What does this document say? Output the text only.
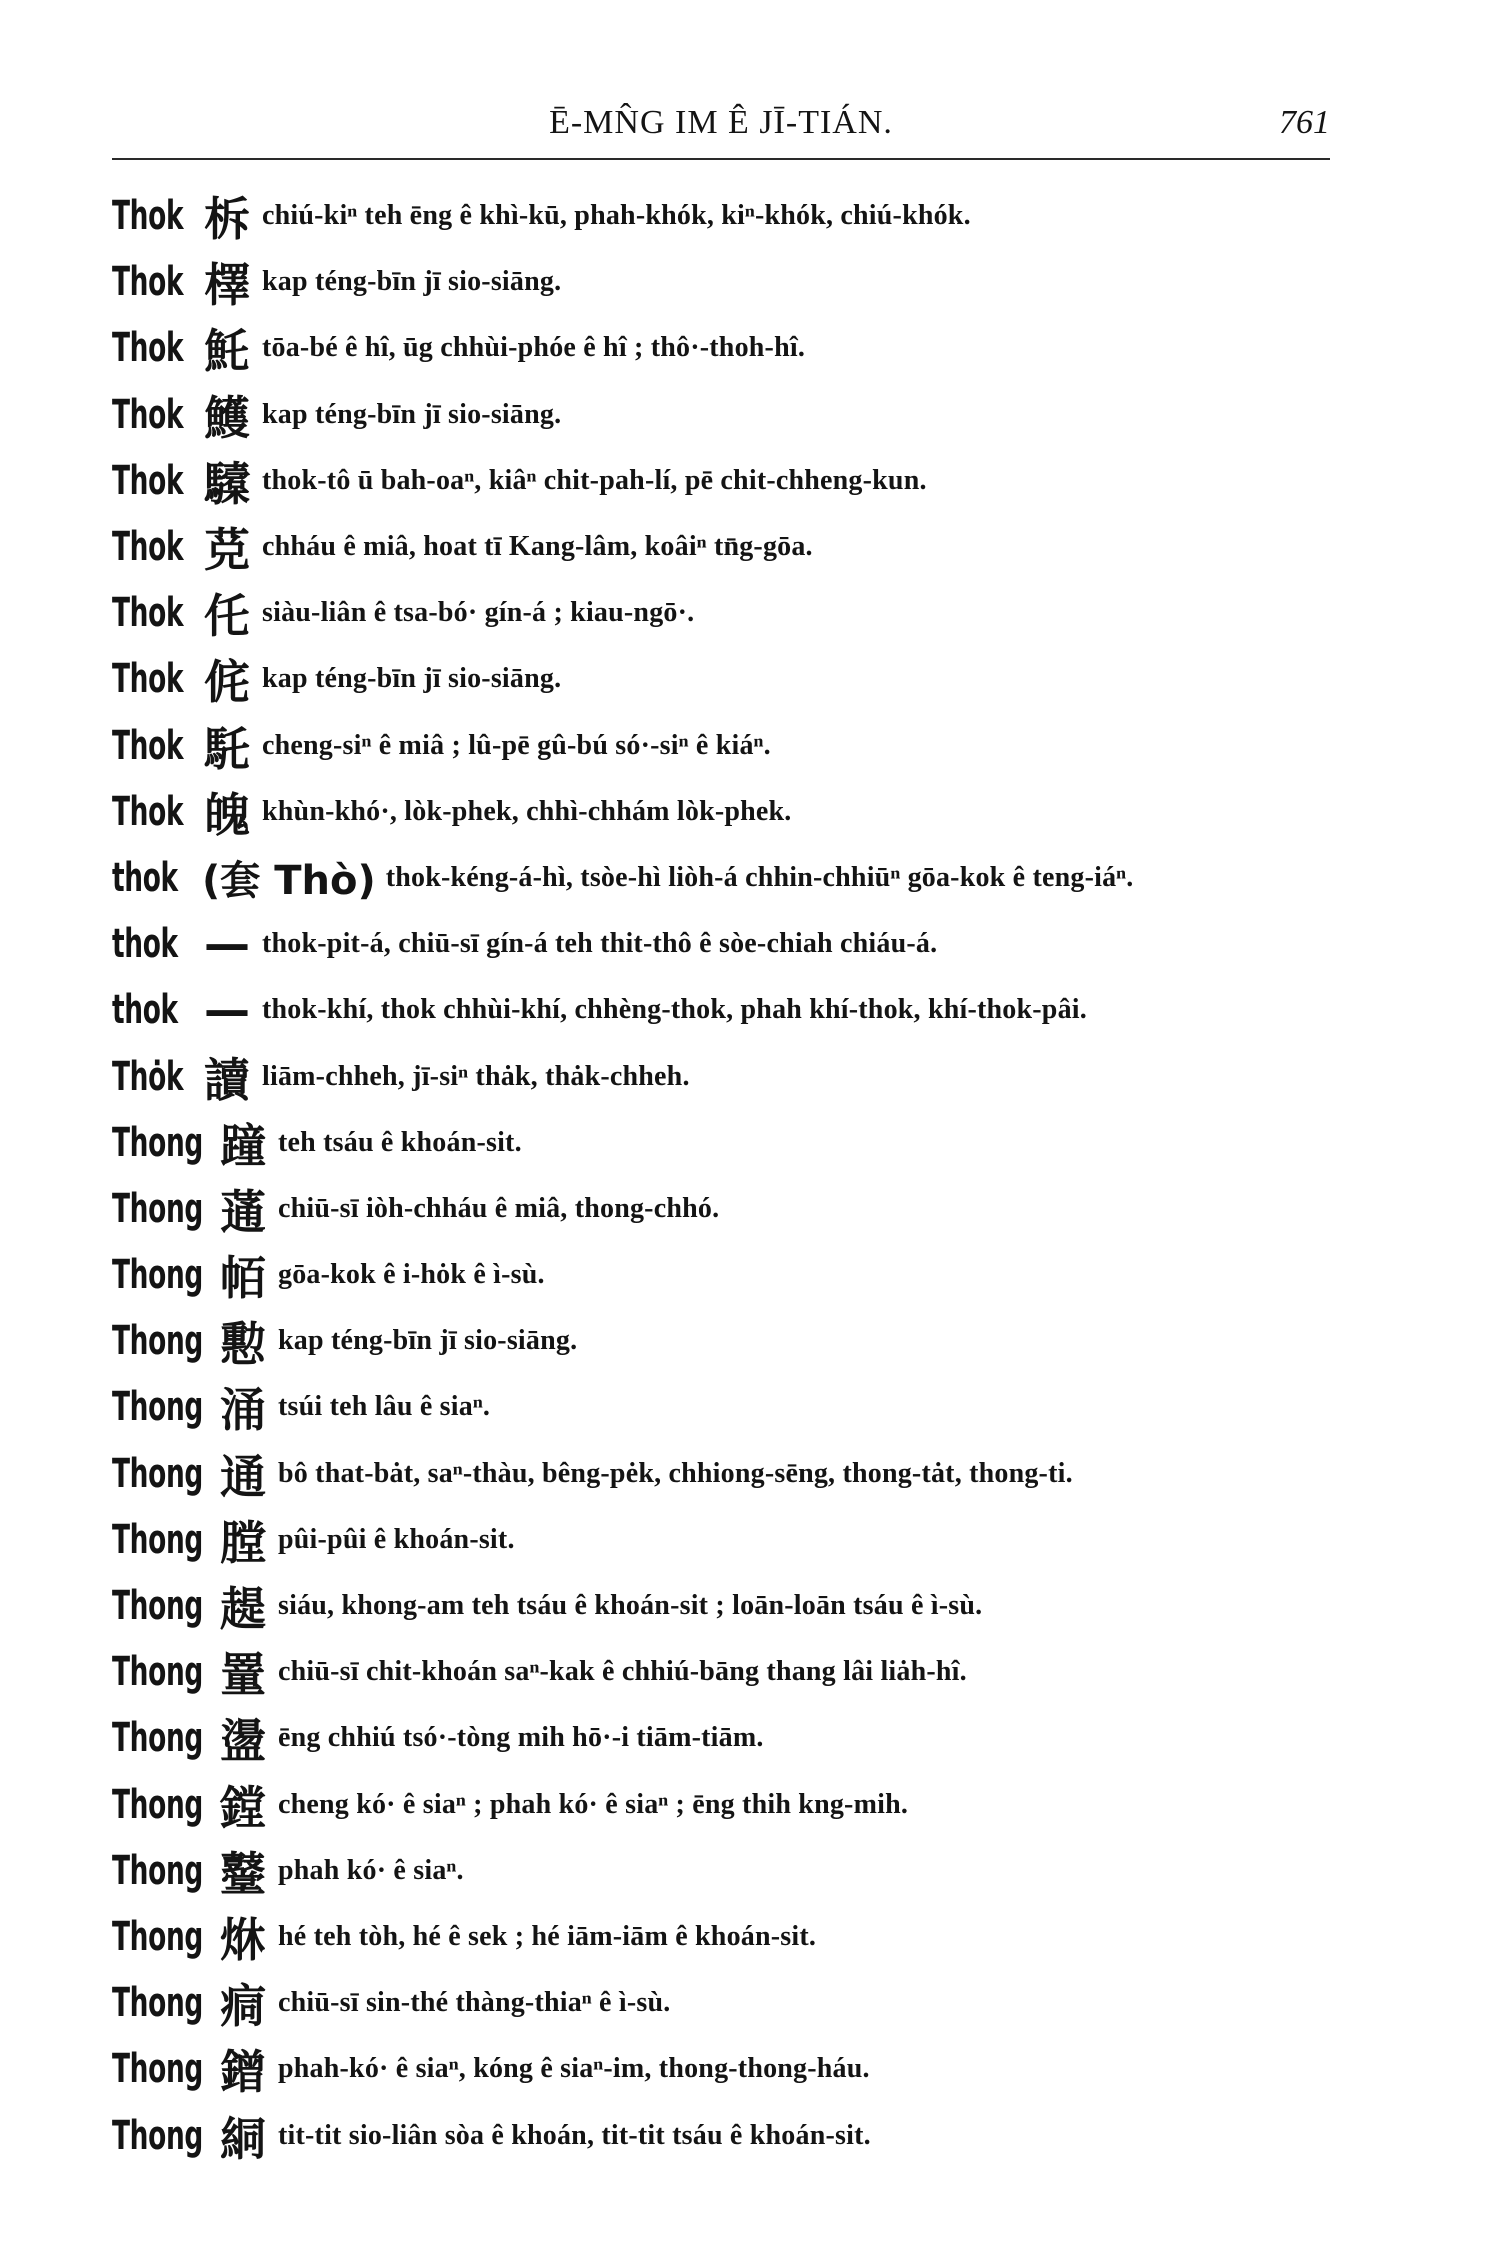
Ē-MN̂G IM Ê JĪ-TIÁN.	761
Thok 柝 chiú-kiⁿ teh ēng ê khì-kū, phah-khók, kiⁿ-khók, chiú-khók.
Thok 檡 kap téng-bīn jī sio-siāng.
Thok 魠 tōa-bé ê hî, ūg chhùi-phóe ê hî ; thô·-thoh-hî.
Thok 鱯 kap téng-bīn jī sio-siāng.
Thok 驝 thok-tô ū bah-oaⁿ, kiâⁿ chit-pah-lí, pē chit-chheng-kun.
Thok 莌 chháu ê miâ, hoat tī Kang-lâm, koâiⁿ tn̄g-gōa.
Thok 仛 siàu-liân ê tsa-bó· gín-á ; kiau-ngō·.
Thok 侂 kap téng-bīn jī sio-siāng.
Thok 馲 cheng-siⁿ ê miâ ; lû-pē gû-bú só·-siⁿ ê kiáⁿ.
Thok 魄 khùn-khó·, lòk-phek, chhì-chhám lòk-phek.
thok (套 Thò) thok-kéng-á-hì, tsòe-hì liòh-á chhin-chhiūⁿ gōa-kok ê teng-iáⁿ.
thok — thok-pit-á, chiū-sī gín-á teh thit-thô ê sòe-chiah chiáu-á.
thok — thok-khí, thok chhùi-khí, chhèng-thok, phah khí-thok, khí-thok-pâi.
Thȯk 讀 liām-chheh, jī-siⁿ thȧk, thȧk-chheh.
Thong 蹱 teh tsáu ê khoán-sit.
Thong 蓪 chiū-sī iòh-chháu ê miâ, thong-chhó.
Thong 帞 gōa-kok ê i-hȯk ê ì-sù.
Thong 憅 kap téng-bīn jī sio-siāng.
Thong 涌 tsúi teh lâu ê siaⁿ.
Thong 通 bô that-bȧt, saⁿ-thàu, bêng-pėk, chhiong-sēng, thong-tȧt, thong-ti.
Thong 膛 pûi-pûi ê khoán-sit.
Thong 趧 siáu, khong-am teh tsáu ê khoán-sit ; loān-loān tsáu ê ì-sù.
Thong 罿 chiū-sī chit-khoán saⁿ-kak ê chhiú-bāng thang lâi liȧh-hî.
Thong 盪 ēng chhiú tsó·-tòng mih hō·-i tiām-tiām.
Thong 鏜 cheng kó· ê siaⁿ ; phah kó· ê siaⁿ ; ēng thih kng-mih.
Thong 鼞 phah kó· ê siaⁿ.
Thong 烌 hé teh tòh, hé ê sek ; hé iām-iām ê khoán-sit.
Thong 痌 chiū-sī sin-thé thàng-thiaⁿ ê ì-sù.
Thong 鏳 phah-kó· ê siaⁿ, kóng ê siaⁿ-im, thong-thong-háu.
Thong 絧 tit-tit sio-liân sòa ê khoán, tit-tit tsáu ê khoán-sit.
